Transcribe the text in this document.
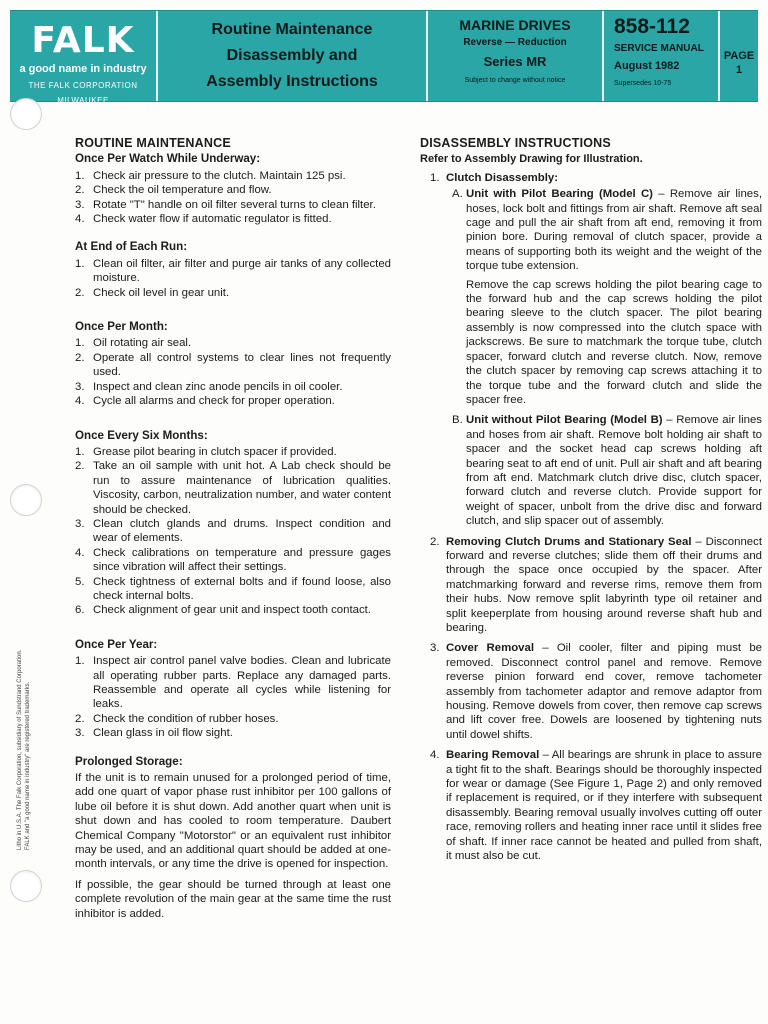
FALK
a good name in industry
THE FALK CORPORATION
MILWAUKEE
Routine Maintenance
Disassembly and
Assembly Instructions
MARINE DRIVES
Reverse — Reduction
Series MR
Subject to change without notice
858-112
SERVICE MANUAL
August 1982
Supersedes 10-75
PAGE
1
Litho in U.S.A. The Falk Corporation, subsidiary of Sundstrand Corporation. FALK and "a good name in industry" are registered trademarks.
ROUTINE MAINTENANCE
Once Per Watch While Underway:
1. Check air pressure to the clutch. Maintain 125 psi.
2. Check the oil temperature and flow.
3. Rotate "T" handle on oil filter several turns to clean filter.
4. Check water flow if automatic regulator is fitted.
At End of Each Run:
1. Clean oil filter, air filter and purge air tanks of any collected moisture.
2. Check oil level in gear unit.
Once Per Month:
1. Oil rotating air seal.
2. Operate all control systems to clear lines not frequently used.
3. Inspect and clean zinc anode pencils in oil cooler.
4. Cycle all alarms and check for proper operation.
Once Every Six Months:
1. Grease pilot bearing in clutch spacer if provided.
2. Take an oil sample with unit hot. A Lab check should be run to assure maintenance of lubrication qualities. Viscosity, carbon, neutralization number, and water content should be checked.
3. Clean clutch glands and drums. Inspect condition and wear of elements.
4. Check calibrations on temperature and pressure gages since vibration will affect their settings.
5. Check tightness of external bolts and if found loose, also check internal bolts.
6. Check alignment of gear unit and inspect tooth contact.
Once Per Year:
1. Inspect air control panel valve bodies. Clean and lubricate all operating rubber parts. Replace any damaged parts. Reassemble and operate all cycles while listening for leaks.
2. Check the condition of rubber hoses.
3. Clean glass in oil flow sight.
Prolonged Storage:

If the unit is to remain unused for a prolonged period of time, add one quart of vapor phase rust inhibitor per 100 gallons of lube oil before it is shut down. Add another quart when unit is shut down and has cooled to room temperature. Daubert Chemical Company "Motorstor" or an equivalent rust inhibitor may be used, and an additional quart should be added at one-month intervals, or any time the drive is opened for inspection.

If possible, the gear should be turned through at least one complete revolution of the main gear at the same time the rust inhibitor is added.

DISASSEMBLY INSTRUCTIONS
Refer to Assembly Drawing for Illustration.
1. Clutch Disassembly:
A. Unit with Pilot Bearing (Model C) – Remove air lines, hoses, lock bolt and fittings from air shaft. Remove aft seal cage and pull the air shaft from aft end, removing it from pinion bore. During removal of clutch spacer, provide a means of supporting both its weight and the weight of the torque tube extension.

Remove the cap screws holding the pilot bearing cage to the forward hub and the cap screws holding the pilot bearing sleeve to the clutch spacer. The pilot bearing assembly is now compressed into the clutch space with jackscrews. Be sure to matchmark the torque tube, clutch spacer, forward clutch and reverse clutch. Now, remove the clutch spacer by removing cap screws attaching it to the torque tube and the forward clutch and slide the spacer free.

B. Unit without Pilot Bearing (Model B) – Remove air lines and hoses from air shaft. Remove bolt holding air shaft to spacer and the socket head cap screws holding aft bearing seat to aft end of unit. Pull air shaft and aft bearing from aft end. Matchmark clutch drive disc, clutch spacer, forward clutch and reverse clutch. Provide support for weight of spacer, unbolt from the drive disc and forward clutch, and slip spacer out of assembly.

2. Removing Clutch Drums and Stationary Seal – Disconnect forward and reverse clutches; slide them off their drums and through the space once occupied by the spacer. After matchmarking forward and reverse rims, remove them from their hubs. Now remove split labyrinth type oil retainer and split keeperplate from housing around reverse shaft hub and bearing.
3. Cover Removal – Oil cooler, filter and piping must be removed. Disconnect control panel and remove. Remove reverse pinion forward end cover, remove tachometer assembly from tachometer adaptor and remove adaptor from housing. Remove dowels from cover, then remove cap screws and lift cover free. Dowels are loosened by tightening nuts until dowel shifts.
4. Bearing Removal – All bearings are shrunk in place to assure a tight fit to the shaft. Bearings should be thoroughly inspected for wear or damage (See Figure 1, Page 2) and only removed if replacement is required, or if they interfere with subsequent disassembly. Bearing removal usually involves cutting off outer race, removing rollers and heating inner race until it slides free of shaft. If inner race cannot be heated and pulled from shaft, it must also be cut.
